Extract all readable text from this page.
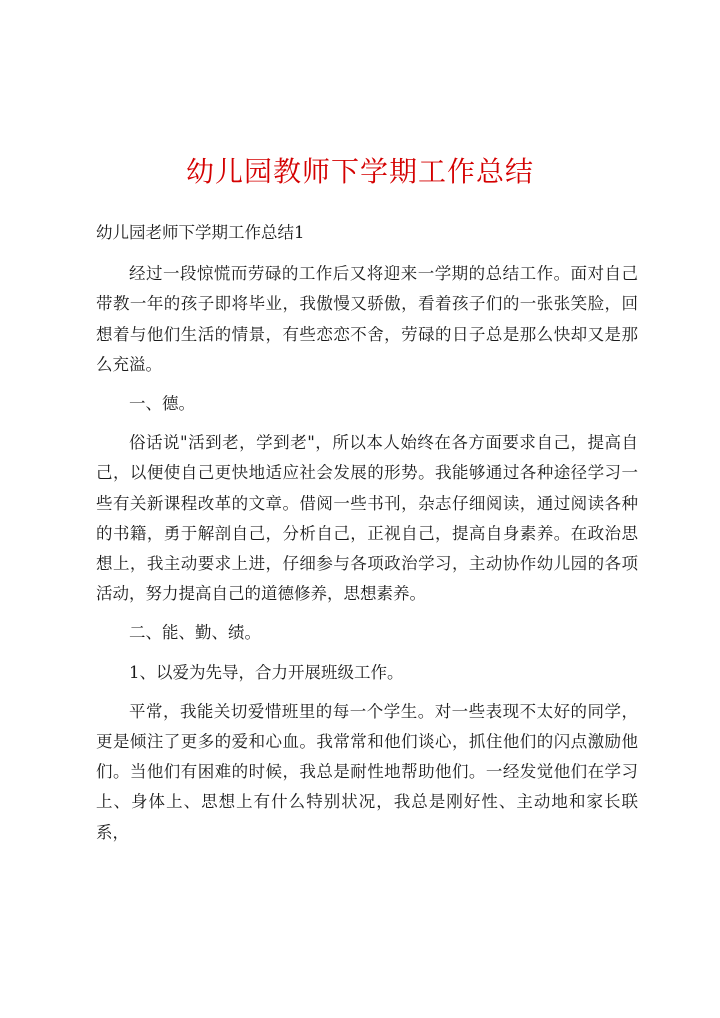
幼儿园教师下学期工作总结

幼儿园老师下学期工作总结1

经过一段惊慌而劳碌的工作后又将迎来一学期的总结工作。面对自己带教一年的孩子即将毕业，我傲慢又骄傲，看着孩子们的一张张笑脸，回想着与他们生活的情景，有些恋恋不舍，劳碌的日子总是那么快却又是那么充溢。

一、德。

俗话说"活到老，学到老"，所以本人始终在各方面要求自己，提高自己，以便使自己更快地适应社会发展的形势。我能够通过各种途径学习一些有关新课程改革的文章。借阅一些书刊，杂志仔细阅读，通过阅读各种的书籍，勇于解剖自己，分析自己，正视自己，提高自身素养。在政治思想上，我主动要求上进，仔细参与各项政治学习，主动协作幼儿园的各项活动，努力提高自己的道德修养，思想素养。

二、能、勤、绩。

1、以爱为先导，合力开展班级工作。

平常，我能关切爱惜班里的每一个学生。对一些表现不太好的同学，更是倾注了更多的爱和心血。我常常和他们谈心，抓住他们的闪点激励他们。当他们有困难的时候，我总是耐性地帮助他们。一经发觉他们在学习上、身体上、思想上有什么特别状况，我总是刚好性、主动地和家长联系，
